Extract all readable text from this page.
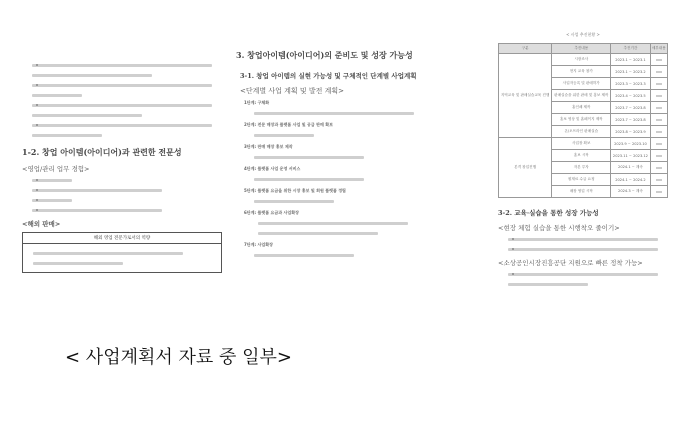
1-2. 창업 아이템(아이디어)과 관련한 전문성
<영업/관리 업무 경험>
<해외 판매>
해외 영업 전문가로서의 역량
3. 창업아이템(아이디어)의 준비도 및 성장 가능성
3-1. 창업 아이템의 실현 가능성 및 구체적인 단계별 사업계획
<단계별 사업 계획 및 발전 계획>
1단계: 구체화
2단계: 전문 매장과 플랫폼 사업 및 공급 판매 확보
3단계: 판매 매장 홍보 제작
4단계: 플랫폼 사업 운영 서비스
5단계: 플랫폼 요금을 위한 시장 홍보 및 회원 플랫폼 정립
6단계: 플랫폼 요금과 사업확장
7단계: 사업확장
< 사업 추진현황 >
구분	추진내용	추진기간	세부내용
지역교육 및 판매실습교육 진행	시장조사	2023.1 ~ 2023.1	

	현지 교육 참가	2023.1 ~ 2023.2	

	사업자등록 및 판매허가	2023.3 ~ 2023.3	

	판매실습을 위한 판매 및 홍보 제작	2023.4 ~ 2023.5	

	홈인쇄 제작	2023.7 ~ 2023.8	

	홍보 영상 및 홈페이지 제작	2023.7 ~ 2023.8	

	온/오프라인 판매실습	2023.8 ~ 2023.9	

본격 창업진행	사업장 확보	2023.9 ~ 2023.10	

	홍보 시작	2023.11 ~ 2023.12	

	자본 투자	2024.1 ~ 계속	

	원재료 수급 요청	2024.1 ~ 2024.2	

	매장 영업 시작	2024.3 ~ 계속	
3-2. 교육·실습을 통한 성장 가능성
<현장 체험 실습을 통한 시행착오 줄이기>
<소상공인시장진흥공단 지원으로 빠른 정착 가능>
< 사업계획서 자료 중 일부>
